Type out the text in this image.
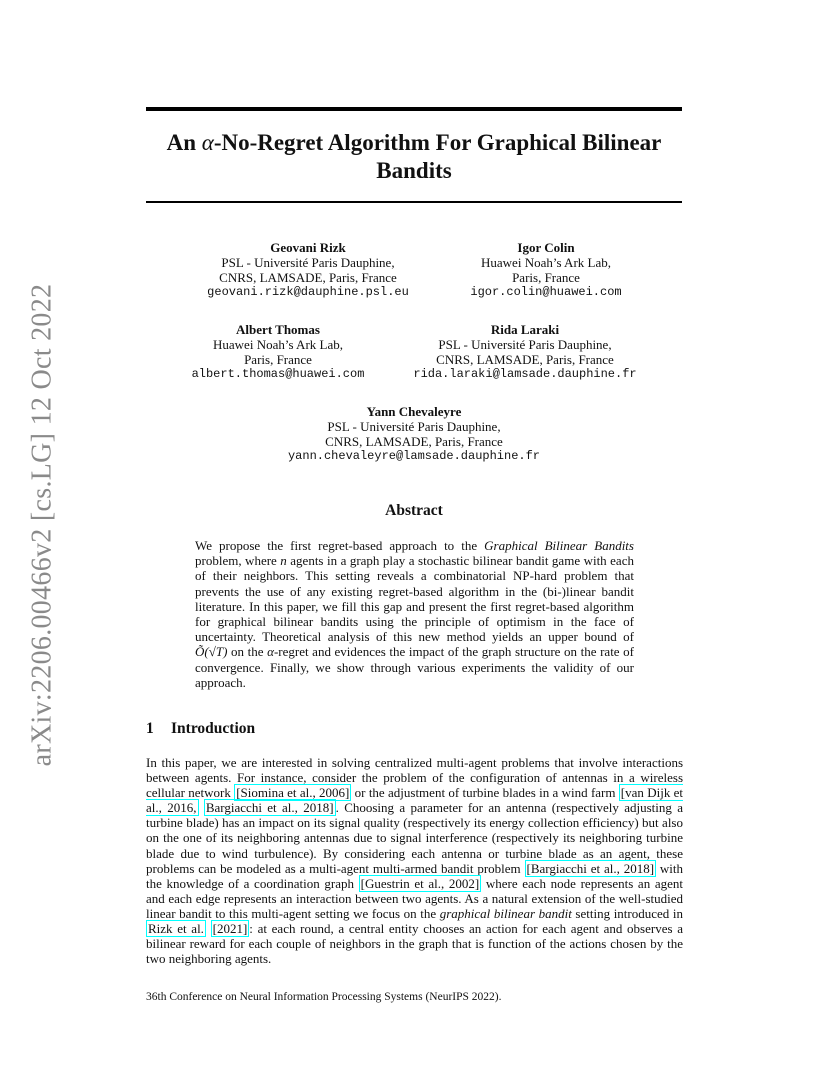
arXiv:2206.00466v2 [cs.LG] 12 Oct 2022
An α-No-Regret Algorithm For Graphical Bilinear Bandits
Geovani Rizk
PSL - Université Paris Dauphine,
CNRS, LAMSADE, Paris, France
geovani.rizk@dauphine.psl.eu
Igor Colin
Huawei Noah’s Ark Lab,
Paris, France
igor.colin@huawei.com
Albert Thomas
Huawei Noah’s Ark Lab,
Paris, France
albert.thomas@huawei.com
Rida Laraki
PSL - Université Paris Dauphine,
CNRS, LAMSADE, Paris, France
rida.laraki@lamsade.dauphine.fr
Yann Chevaleyre
PSL - Université Paris Dauphine,
CNRS, LAMSADE, Paris, France
yann.chevaleyre@lamsade.dauphine.fr
Abstract
We propose the first regret-based approach to the Graphical Bilinear Bandits problem, where n agents in a graph play a stochastic bilinear bandit game with each of their neighbors. This setting reveals a combinatorial NP-hard problem that prevents the use of any existing regret-based algorithm in the (bi-)linear bandit literature. In this paper, we fill this gap and present the first regret-based algorithm for graphical bilinear bandits using the principle of optimism in the face of uncertainty. Theoretical analysis of this new method yields an upper bound of Õ(√T) on the α-regret and evidences the impact of the graph structure on the rate of convergence. Finally, we show through various experiments the validity of our approach.
1 Introduction
In this paper, we are interested in solving centralized multi-agent problems that involve interactions between agents. For instance, consider the problem of the configuration of antennas in a wireless cellular network [Siomina et al., 2006] or the adjustment of turbine blades in a wind farm [van Dijk et al., 2016, Bargiacchi et al., 2018] . Choosing a parameter for an antenna (respectively adjusting a turbine blade) has an impact on its signal quality (respectively its energy collection efficiency) but also on the one of its neighboring antennas due to signal interference (respectively its neighboring turbine blade due to wind turbulence). By considering each antenna or turbine blade as an agent, these problems can be modeled as a multi-agent multi-armed bandit problem [Bargiacchi et al., 2018] with the knowledge of a coordination graph [Guestrin et al., 2002] where each node represents an agent and each edge represents an interaction between two agents. As a natural extension of the well-studied linear bandit to this multi-agent setting we focus on the graphical bilinear bandit setting introduced in Rizk et al. [2021] : at each round, a central entity chooses an action for each agent and observes a bilinear reward for each couple of neighbors in the graph that is function of the actions chosen by the two neighboring agents.
36th Conference on Neural Information Processing Systems (NeurIPS 2022).
